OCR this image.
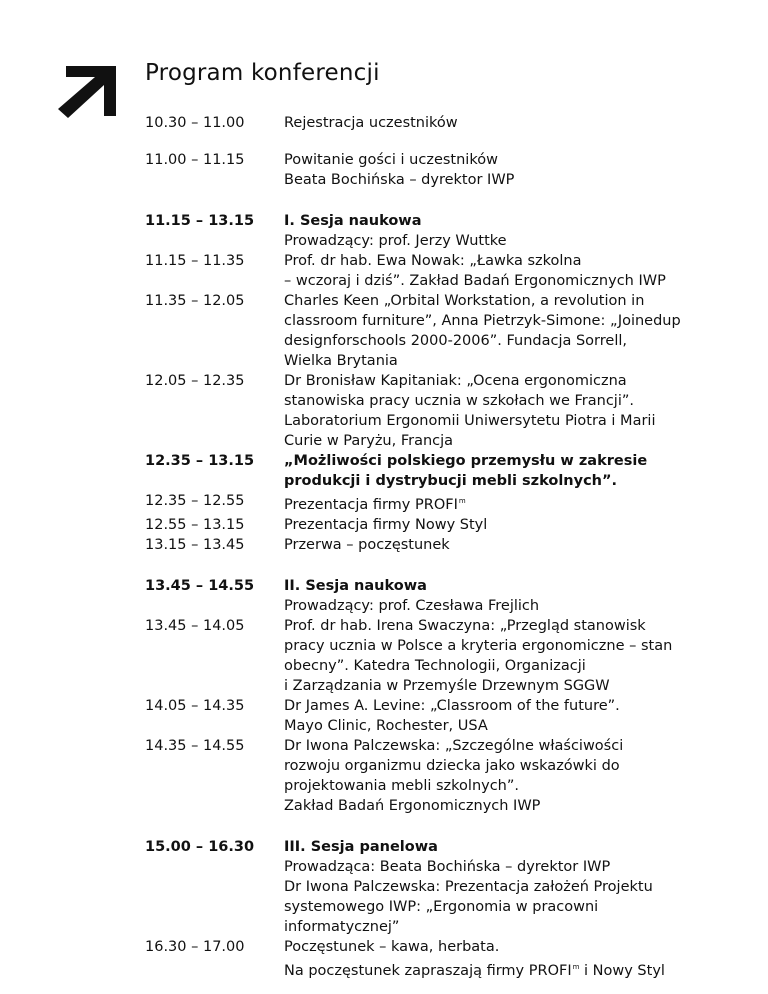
Program konferencji
10.30 – 11.00	Rejestracja uczestników
11.00 – 11.15	Powitanie gości i uczestników
Beata Bochińska – dyrektor IWP
11.15 – 13.15	I. Sesja naukowa
Prowadzący: prof. Jerzy Wuttke
11.15 – 11.35	Prof. dr hab. Ewa Nowak: „Ławka szkolna
– wczoraj i dziś”. Zakład Badań Ergonomicznych IWP
11.35 – 12.05	Charles Keen „Orbital Workstation, a revolution in
classroom furniture”, Anna Pietrzyk-Simone: „Joinedup
designforschools 2000-2006”. Fundacja Sorrell,
Wielka Brytania
12.05 – 12.35	Dr Bronisław Kapitaniak: „Ocena ergonomiczna
stanowiska pracy ucznia w szkołach we Francji”.
Laboratorium Ergonomii Uniwersytetu Piotra i Marii
Curie w Paryżu, Francja
12.35 – 13.15	„Możliwości polskiego przemysłu w zakresie
produkcji i dystrybucji mebli szkolnych”.
12.35 – 12.55	Prezentacja firmy PROFI$^m$
12.55 – 13.15	Prezentacja firmy Nowy Styl
13.15 – 13.45	Przerwa – poczęstunek
13.45 – 14.55	II. Sesja naukowa
Prowadzący: prof. Czesława Frejlich
13.45 – 14.05	Prof. dr hab. Irena Swaczyna: „Przegląd stanowisk
pracy ucznia w Polsce a kryteria ergonomiczne – stan
obecny”. Katedra Technologii, Organizacji
i Zarządzania w Przemyśle Drzewnym SGGW
14.05 – 14.35	Dr James A. Levine: „Classroom of the future”.
Mayo Clinic, Rochester, USA
14.35 – 14.55	Dr Iwona Palczewska: „Szczególne właściwości
rozwoju organizmu dziecka jako wskazówki do
projektowania mebli szkolnych”.
Zakład Badań Ergonomicznych IWP
15.00 – 16.30	III. Sesja panelowa
Prowadząca: Beata Bochińska – dyrektor IWP
Dr Iwona Palczewska: Prezentacja założeń Projektu
systemowego IWP: „Ergonomia w pracowni
informatycznej”
16.30 – 17.00	Poczęstunek – kawa, herbata.
Na poczęstunek zapraszają firmy PROFI$^m$ i Nowy Styl
